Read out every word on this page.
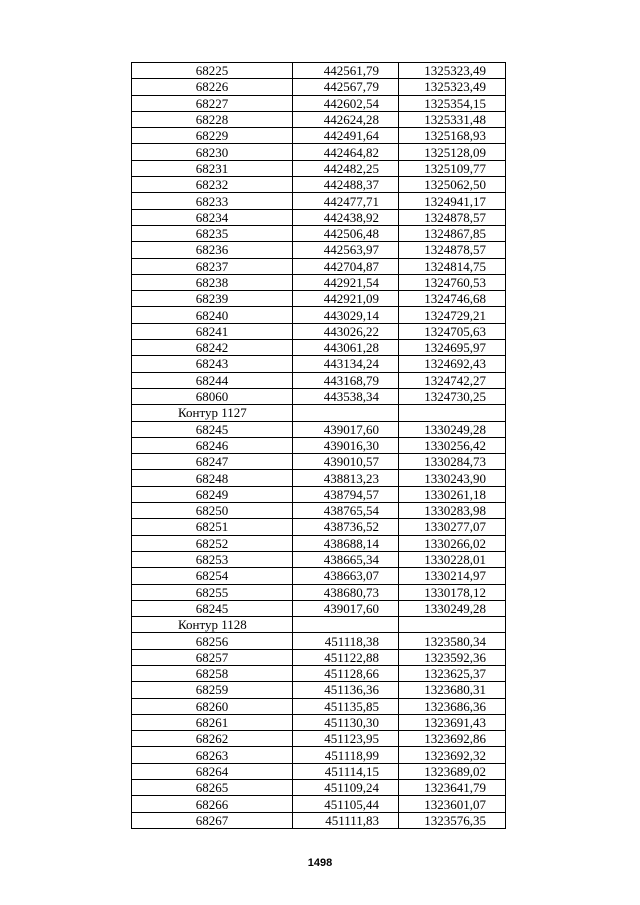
68225	442561,79	1325323,49
68226	442567,79	1325323,49
68227	442602,54	1325354,15
68228	442624,28	1325331,48
68229	442491,64	1325168,93
68230	442464,82	1325128,09
68231	442482,25	1325109,77
68232	442488,37	1325062,50
68233	442477,71	1324941,17
68234	442438,92	1324878,57
68235	442506,48	1324867,85
68236	442563,97	1324878,57
68237	442704,87	1324814,75
68238	442921,54	1324760,53
68239	442921,09	1324746,68
68240	443029,14	1324729,21
68241	443026,22	1324705,63
68242	443061,28	1324695,97
68243	443134,24	1324692,43
68244	443168,79	1324742,27
68060	443538,34	1324730,25
Контур 1127		
68245	439017,60	1330249,28
68246	439016,30	1330256,42
68247	439010,57	1330284,73
68248	438813,23	1330243,90
68249	438794,57	1330261,18
68250	438765,54	1330283,98
68251	438736,52	1330277,07
68252	438688,14	1330266,02
68253	438665,34	1330228,01
68254	438663,07	1330214,97
68255	438680,73	1330178,12
68245	439017,60	1330249,28
Контур 1128		
68256	451118,38	1323580,34
68257	451122,88	1323592,36
68258	451128,66	1323625,37
68259	451136,36	1323680,31
68260	451135,85	1323686,36
68261	451130,30	1323691,43
68262	451123,95	1323692,86
68263	451118,99	1323692,32
68264	451114,15	1323689,02
68265	451109,24	1323641,79
68266	451105,44	1323601,07
68267	451111,83	1323576,35
1498
